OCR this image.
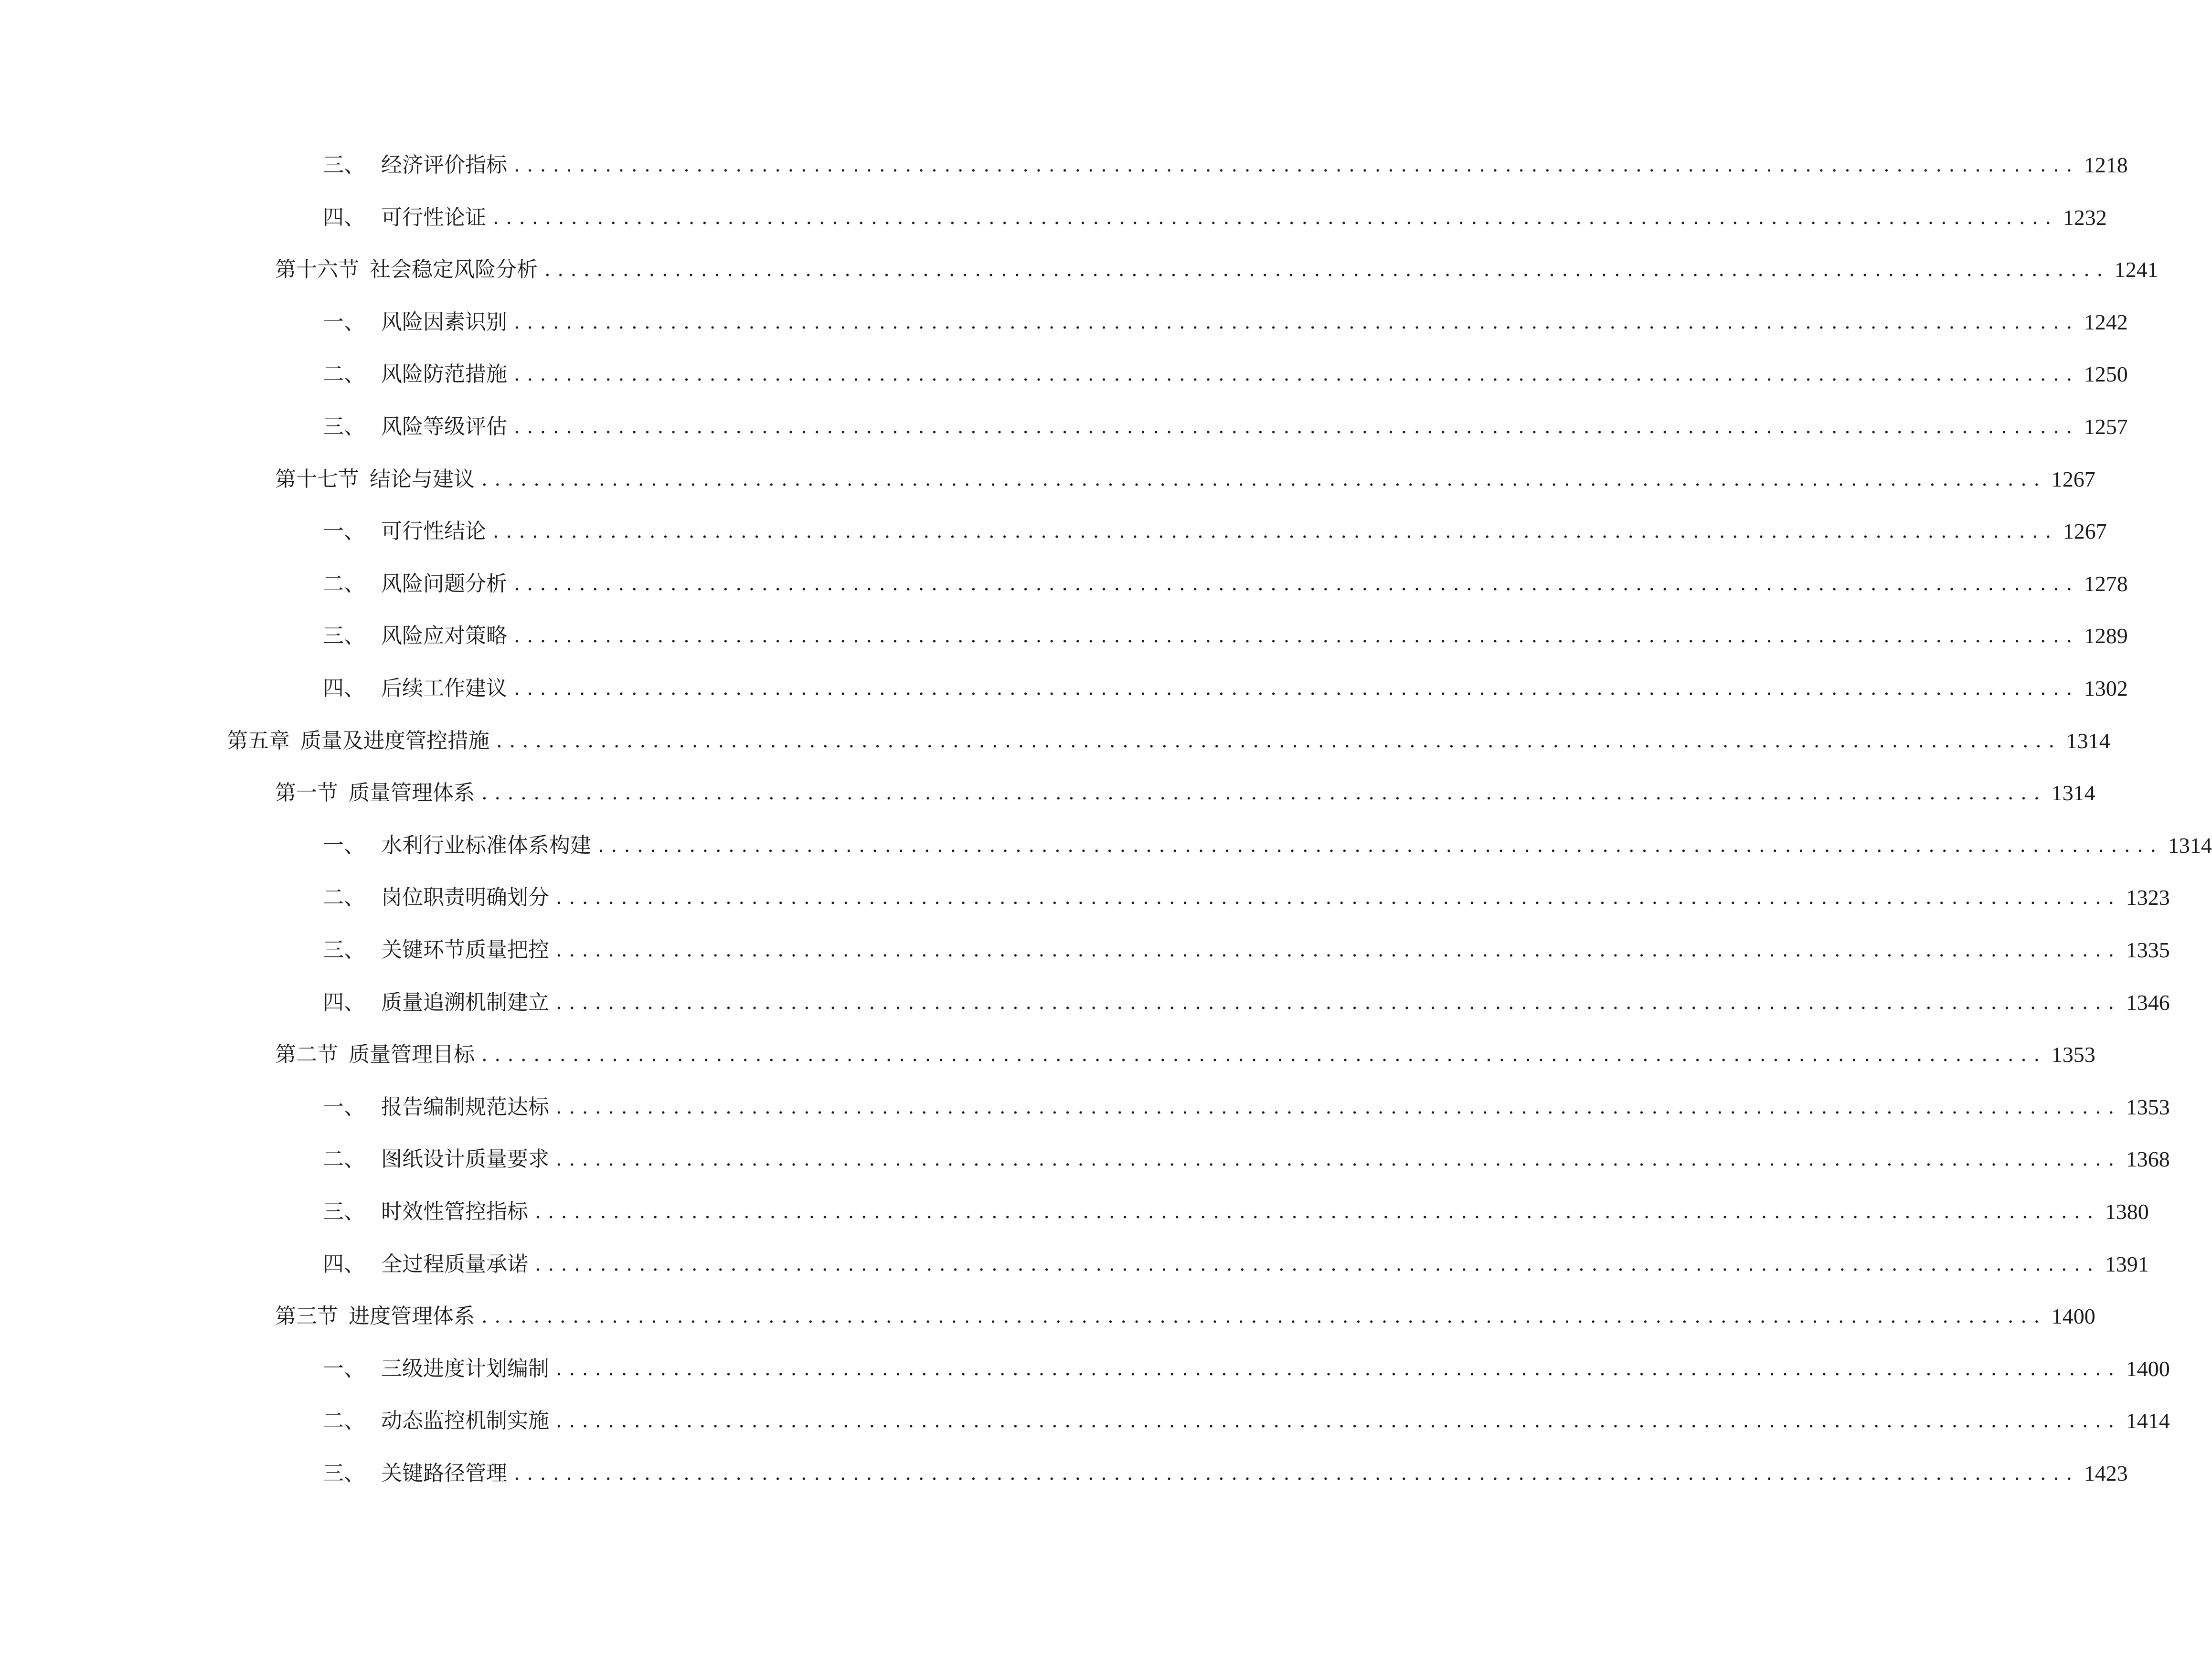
三、 经济评价指标 ........................................................................................................................ 1218
四、 可行性论证 ........................................................................................................................ 1232
第十六节 社会稳定风险分析 ........................................................................................................................ 1241
一、 风险因素识别 ........................................................................................................................ 1242
二、 风险防范措施 ........................................................................................................................ 1250
三、 风险等级评估 ........................................................................................................................ 1257
第十七节 结论与建议 ........................................................................................................................ 1267
一、 可行性结论 ........................................................................................................................ 1267
二、 风险问题分析 ........................................................................................................................ 1278
三、 风险应对策略 ........................................................................................................................ 1289
四、 后续工作建议 ........................................................................................................................ 1302
第五章 质量及进度管控措施 ........................................................................................................................ 1314
第一节 质量管理体系 ........................................................................................................................ 1314
一、 水利行业标准体系构建 ........................................................................................................................ 1314
二、 岗位职责明确划分 ........................................................................................................................ 1323
三、 关键环节质量把控 ........................................................................................................................ 1335
四、 质量追溯机制建立 ........................................................................................................................ 1346
第二节 质量管理目标 ........................................................................................................................ 1353
一、 报告编制规范达标 ........................................................................................................................ 1353
二、 图纸设计质量要求 ........................................................................................................................ 1368
三、 时效性管控指标 ........................................................................................................................ 1380
四、 全过程质量承诺 ........................................................................................................................ 1391
第三节 进度管理体系 ........................................................................................................................ 1400
一、 三级进度计划编制 ........................................................................................................................ 1400
二、 动态监控机制实施 ........................................................................................................................ 1414
三、 关键路径管理 ........................................................................................................................ 1423
